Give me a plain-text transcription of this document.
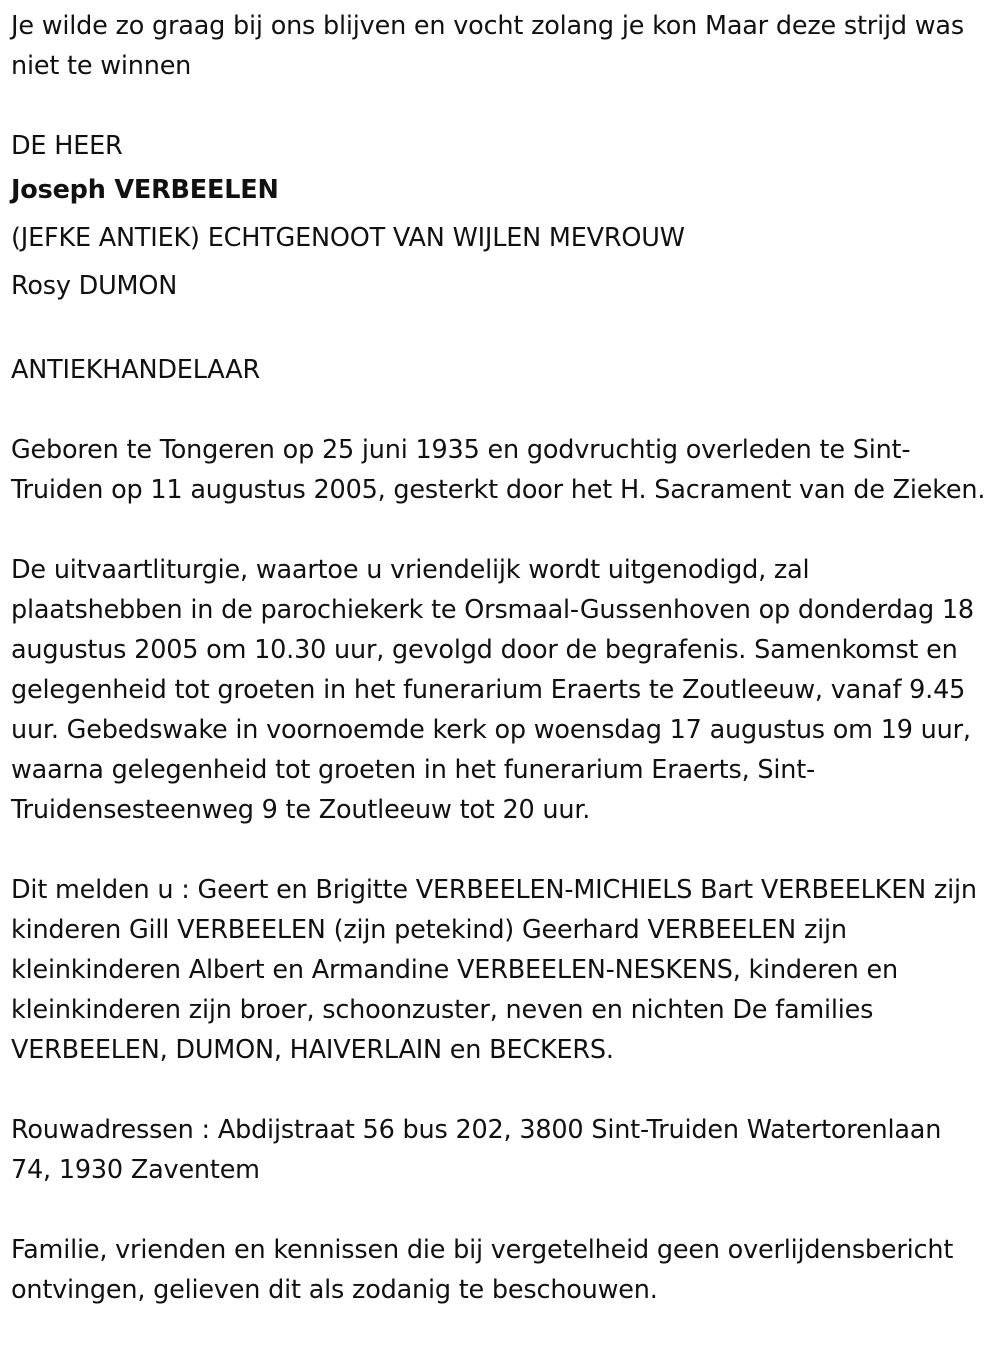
Je wilde zo graag bij ons blijven en vocht zolang je kon Maar deze strijd was niet te winnen

DE HEER

Joseph VERBEELEN

(JEFKE ANTIEK) ECHTGENOOT VAN WIJLEN MEVROUW

Rosy DUMON

ANTIEKHANDELAAR

Geboren te Tongeren op 25 juni 1935 en godvruchtig overleden te Sint-Truiden op 11 augustus 2005, gesterkt door het H. Sacrament van de Zieken.

De uitvaartliturgie, waartoe u vriendelijk wordt uitgenodigd, zal plaatshebben in de parochiekerk te Orsmaal-Gussenhoven op donderdag 18 augustus 2005 om 10.30 uur, gevolgd door de begrafenis. Samenkomst en gelegenheid tot groeten in het funerarium Eraerts te Zoutleeuw, vanaf 9.45 uur. Gebedswake in voornoemde kerk op woensdag 17 augustus om 19 uur, waarna gelegenheid tot groeten in het funerarium Eraerts, Sint-Truidensesteenweg 9 te Zoutleeuw tot 20 uur.

Dit melden u : Geert en Brigitte VERBEELEN-MICHIELS Bart VERBEELKEN zijn kinderen Gill VERBEELEN (zijn petekind) Geerhard VERBEELEN zijn kleinkinderen Albert en Armandine VERBEELEN-NESKENS, kinderen en kleinkinderen zijn broer, schoonzuster, neven en nichten De families VERBEELEN, DUMON, HAIVERLAIN en BECKERS.

Rouwadressen : Abdijstraat 56 bus 202, 3800 Sint-Truiden Watertorenlaan 74, 1930 Zaventem

Familie, vrienden en kennissen die bij vergetelheid geen overlijdensbericht ontvingen, gelieven dit als zodanig te beschouwen.
